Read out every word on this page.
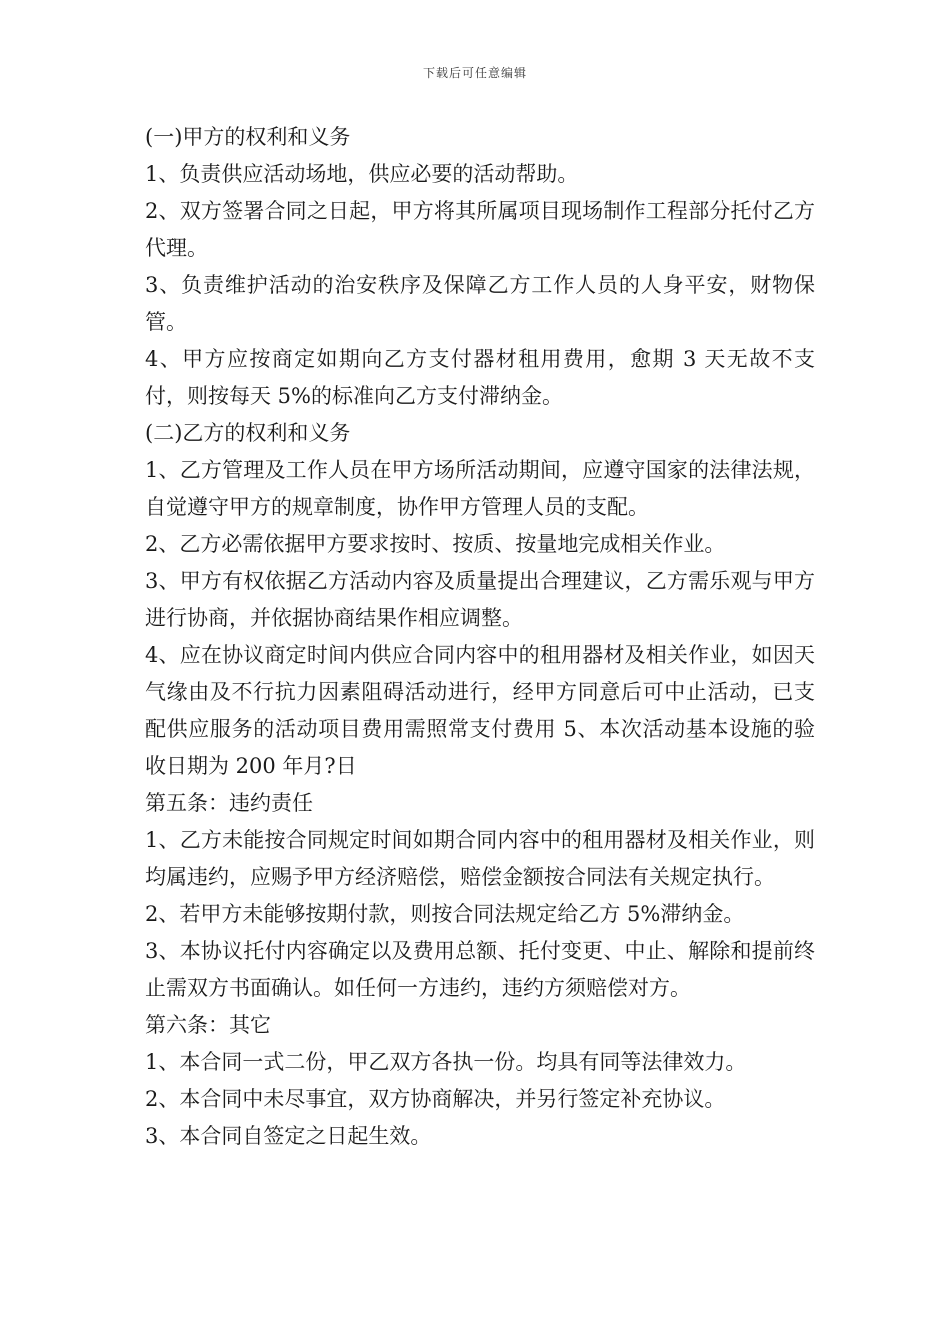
下载后可任意编辑

(一)甲方的权利和义务

1、负责供应活动场地，供应必要的活动帮助。

2、双方签署合同之日起，甲方将其所属项目现场制作工程部分托付乙方代理。

3、负责维护活动的治安秩序及保障乙方工作人员的人身平安，财物保管。

4、甲方应按商定如期向乙方支付器材租用费用，愈期 3 天无故不支付，则按每天 5%的标准向乙方支付滞纳金。

(二)乙方的权利和义务

1、乙方管理及工作人员在甲方场所活动期间，应遵守国家的法律法规，自觉遵守甲方的规章制度，协作甲方管理人员的支配。

2、乙方必需依据甲方要求按时、按质、按量地完成相关作业。

3、甲方有权依据乙方活动内容及质量提出合理建议，乙方需乐观与甲方进行协商，并依据协商结果作相应调整。

4、应在协议商定时间内供应合同内容中的租用器材及相关作业，如因天气缘由及不行抗力因素阻碍活动进行，经甲方同意后可中止活动，已支配供应服务的活动项目费用需照常支付费用 5、本次活动基本设施的验收日期为 200 年月?日

第五条：违约责任

1、乙方未能按合同规定时间如期合同内容中的租用器材及相关作业，则均属违约，应赐予甲方经济赔偿，赔偿金额按合同法有关规定执行。

2、若甲方未能够按期付款，则按合同法规定给乙方 5%滞纳金。

3、本协议托付内容确定以及费用总额、托付变更、中止、解除和提前终止需双方书面确认。如任何一方违约，违约方须赔偿对方。

第六条：其它

1、本合同一式二份，甲乙双方各执一份。均具有同等法律效力。

2、本合同中未尽事宜，双方协商解决，并另行签定补充协议。

3、本合同自签定之日起生效。
